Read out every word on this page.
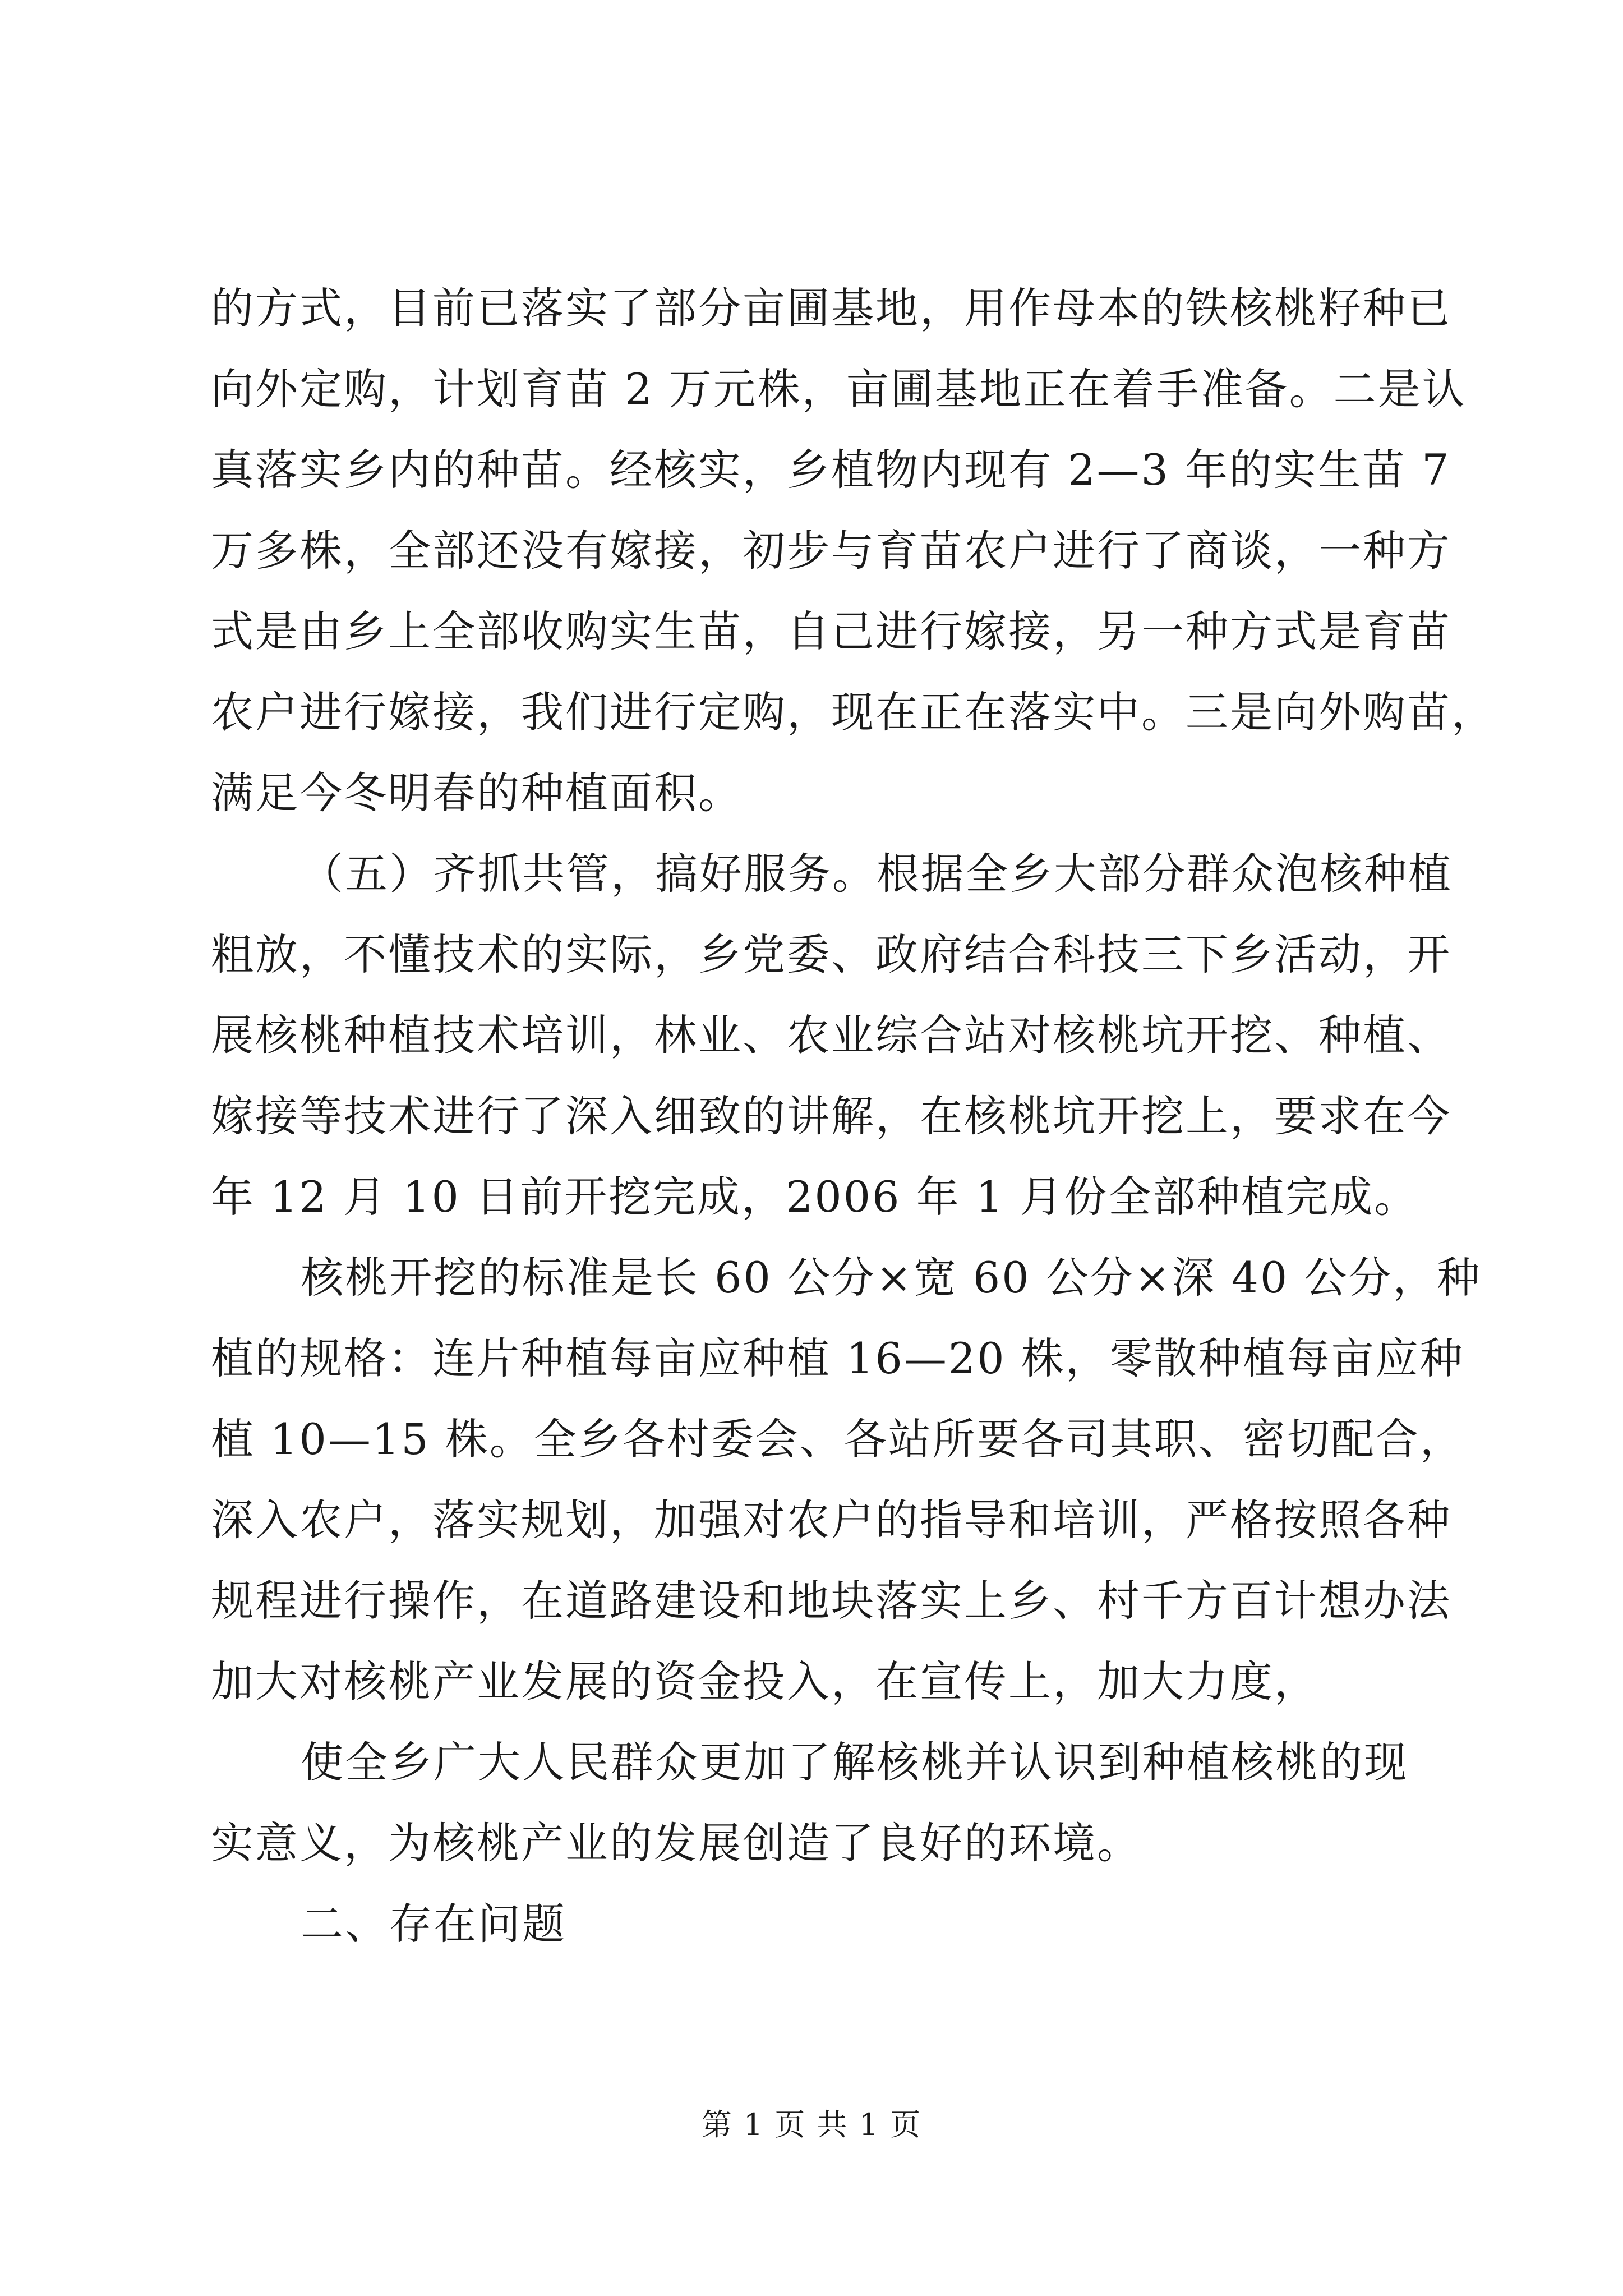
的方式，目前已落实了部分亩圃基地，用作母本的铁核桃籽种已
向外定购，计划育苗 2 万元株，亩圃基地正在着手准备。二是认
真落实乡内的种苗。经核实，乡植物内现有 2—3 年的实生苗 7
万多株，全部还没有嫁接，初步与育苗农户进行了商谈，一种方
式是由乡上全部收购实生苗，自己进行嫁接，另一种方式是育苗
农户进行嫁接，我们进行定购，现在正在落实中。三是向外购苗，
满足今冬明春的种植面积。
（五）齐抓共管，搞好服务。根据全乡大部分群众泡核种植
粗放，不懂技术的实际，乡党委、政府结合科技三下乡活动，开
展核桃种植技术培训，林业、农业综合站对核桃坑开挖、种植、
嫁接等技术进行了深入细致的讲解，在核桃坑开挖上，要求在今
年 12 月 10 日前开挖完成，2006 年 1 月份全部种植完成。
核桃开挖的标准是长 60 公分×宽 60 公分×深 40 公分，种
植的规格：连片种植每亩应种植 16—20 株，零散种植每亩应种
植 10—15 株。全乡各村委会、各站所要各司其职、密切配合，
深入农户，落实规划，加强对农户的指导和培训，严格按照各种
规程进行操作，在道路建设和地块落实上乡、村千方百计想办法
加大对核桃产业发展的资金投入，在宣传上，加大力度，
使全乡广大人民群众更加了解核桃并认识到种植核桃的现
实意义，为核桃产业的发展创造了良好的环境。
二、存在问题
第 1 页 共 1 页
